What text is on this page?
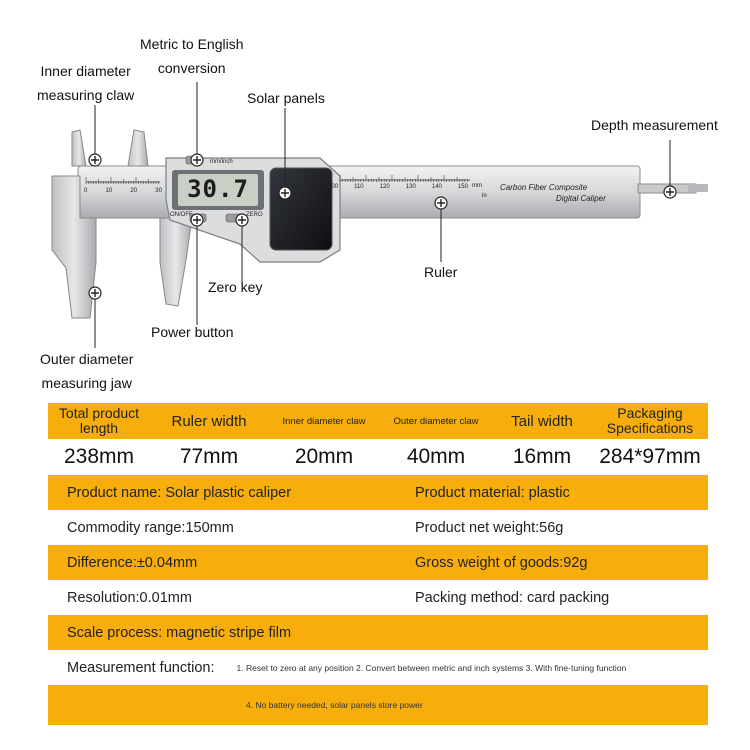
30.7
mm/inch
ON/OFF	ZERO
Carbon Fiber Composite
Digital Caliper
mm
in
100	110	120	130	140	150
0	10	20	30
Metric to English
conversion
Inner diameter
measuring claw	Solar panels
Depth measurement
Zero key
Ruler
Power button
Outer diameter
measuring jaw
Total product length	Ruler width	Inner diameter claw	Outer diameter claw	Tail width	Packaging Specifications
238mm	77mm	20mm	40mm	16mm	284*97mm
Product name: Solar plastic caliper	Product material: plastic
Commodity range:150mm	Product net weight:56g
Difference:±0.04mm	Gross weight of goods:92g
Resolution:0.01mm	Packing method: card packing
Scale process: magnetic stripe film
Measurement function:	1. Reset to zero at any position 2. Convert between metric and inch systems 3. With fine-tuning function
4. No battery needed, solar panels store power
